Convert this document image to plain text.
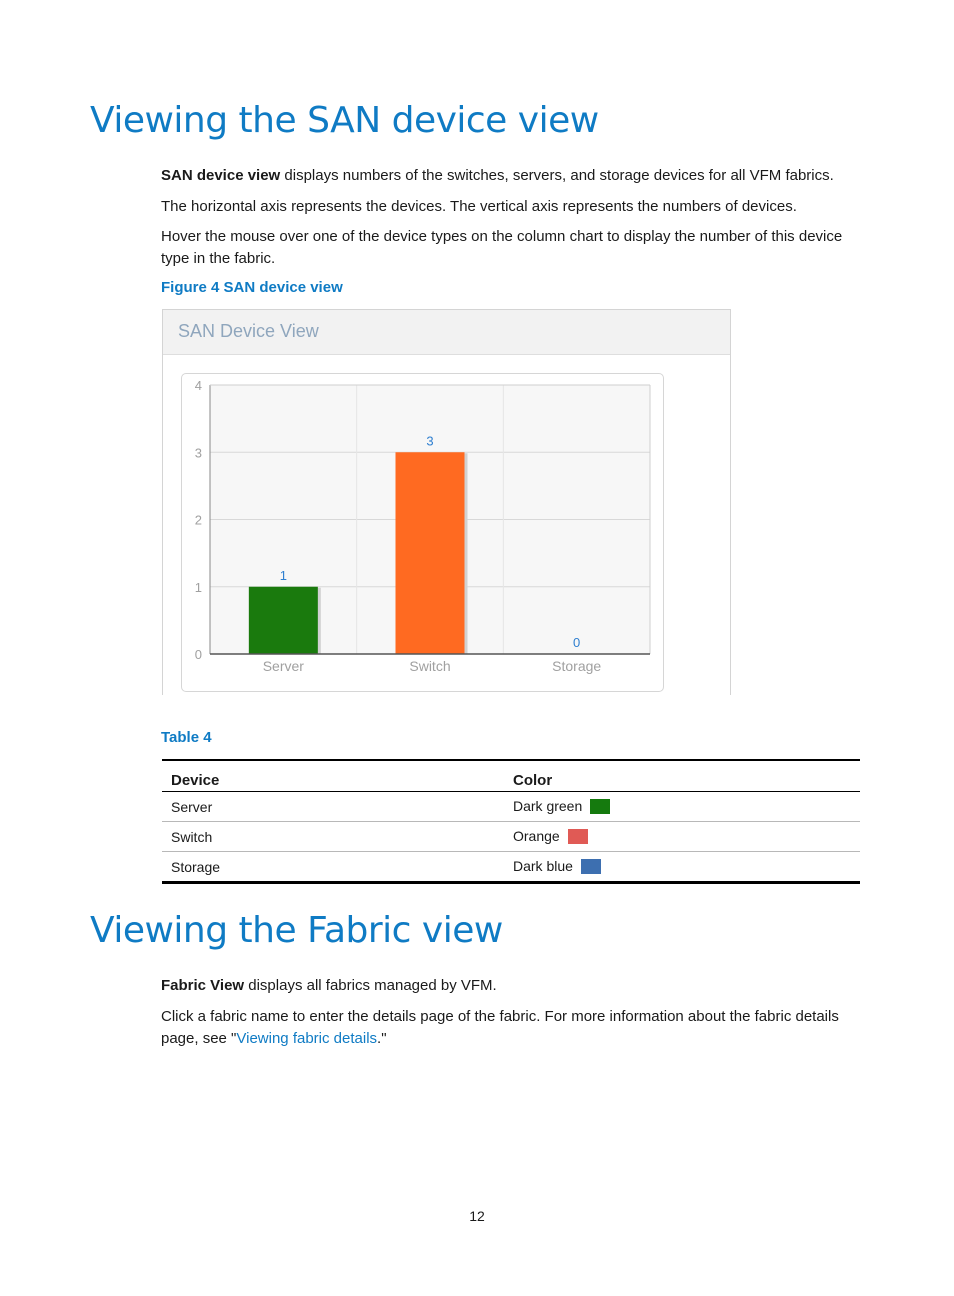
Viewing the SAN device view

SAN device view displays numbers of the switches, servers, and storage devices for all VFM fabrics.

The horizontal axis represents the devices. The vertical axis represents the numbers of devices.

Hover the mouse over one of the device types on the column chart to display the number of this device type in the fabric.

Figure 4 SAN device view

SAN Device View
0
1
2
3
4
1
Server
3
Switch
0
Storage

Table 4

Device	Color
Server	Dark green
Switch	Orange
Storage	Dark blue
Viewing the Fabric view

Fabric View displays all fabrics managed by VFM.

Click a fabric name to enter the details page of the fabric. For more information about the fabric details page, see "Viewing fabric details."

12
